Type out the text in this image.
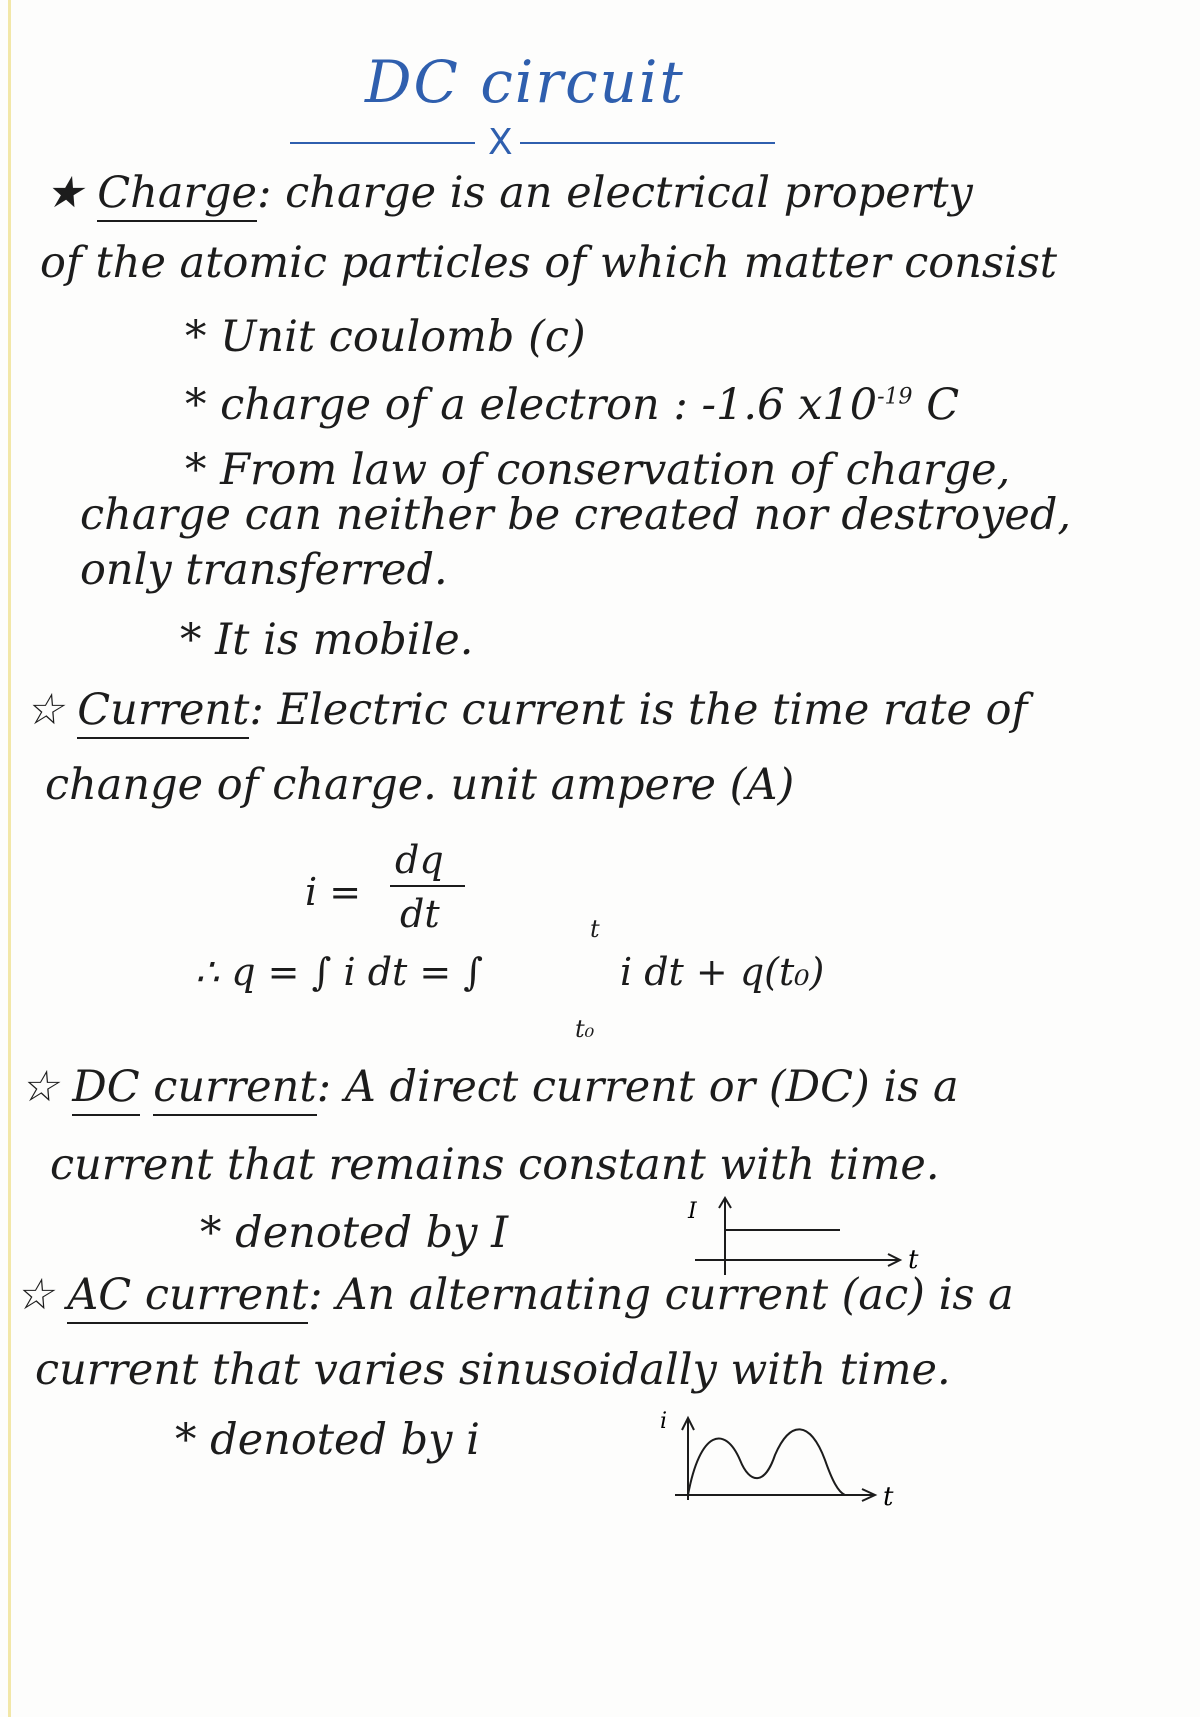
DC circuit
X
★ Charge: charge is an electrical property
of the atomic particles of which matter consist
* Unit coulomb (c)
* charge of a electron : -1.6 $x10^{-19}$ C
* From law of conservation of charge,
charge can neither be created nor destroyed,
only transferred.
* It is mobile.
☆ Current: Electric current is the time rate of
change of charge. unit ampere (A)
i =
dq
dt
∴ q = ∫ i dt = ∫
t
t₀
i dt + q(t₀)
☆ DC current: A direct current or (DC) is a
current that remains constant with time.
* denoted by I	I
t
☆ AC current: An alternating current (ac) is a
current that varies sinusoidally with time.
* denoted by i	i
t
